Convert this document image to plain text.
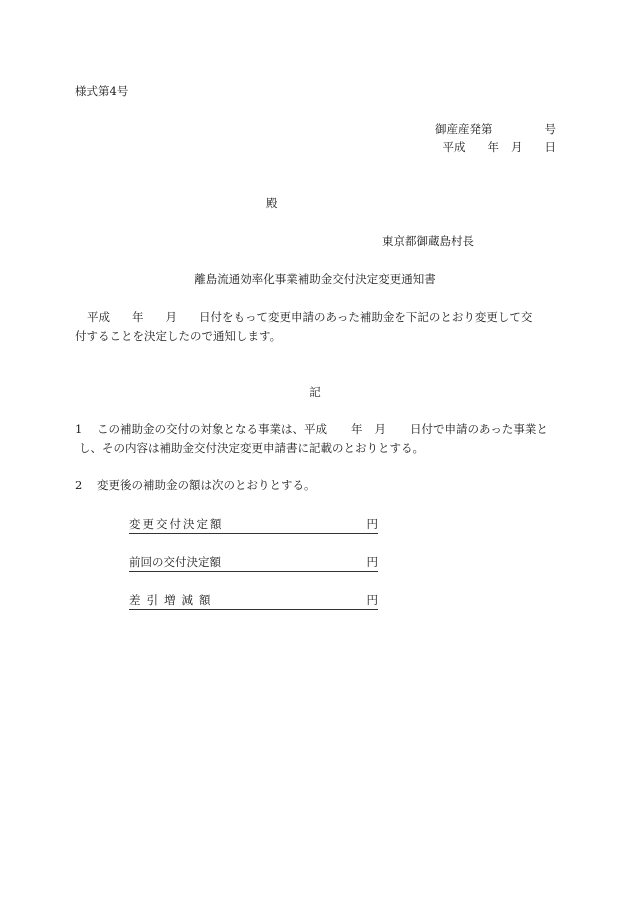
様式第4号
御産産発第	号
平成 年 月 日
殿
東京都御蔵島村長
離島流通効率化事業補助金交付決定変更通知書
平成 年 月 日付をもって変更申請のあった補助金を下記のとおり変更して交
付することを決定したので通知します。
記
1 この補助金の交付の対象となる事業は、平成 年 月 日付で申請のあった事業と
し、その内容は補助金交付決定変更申請書に記載のとおりとする。
2 変更後の補助金の額は次のとおりとする。
変更交付決定額	円
前回の交付決定額	円
差引増減額	円
